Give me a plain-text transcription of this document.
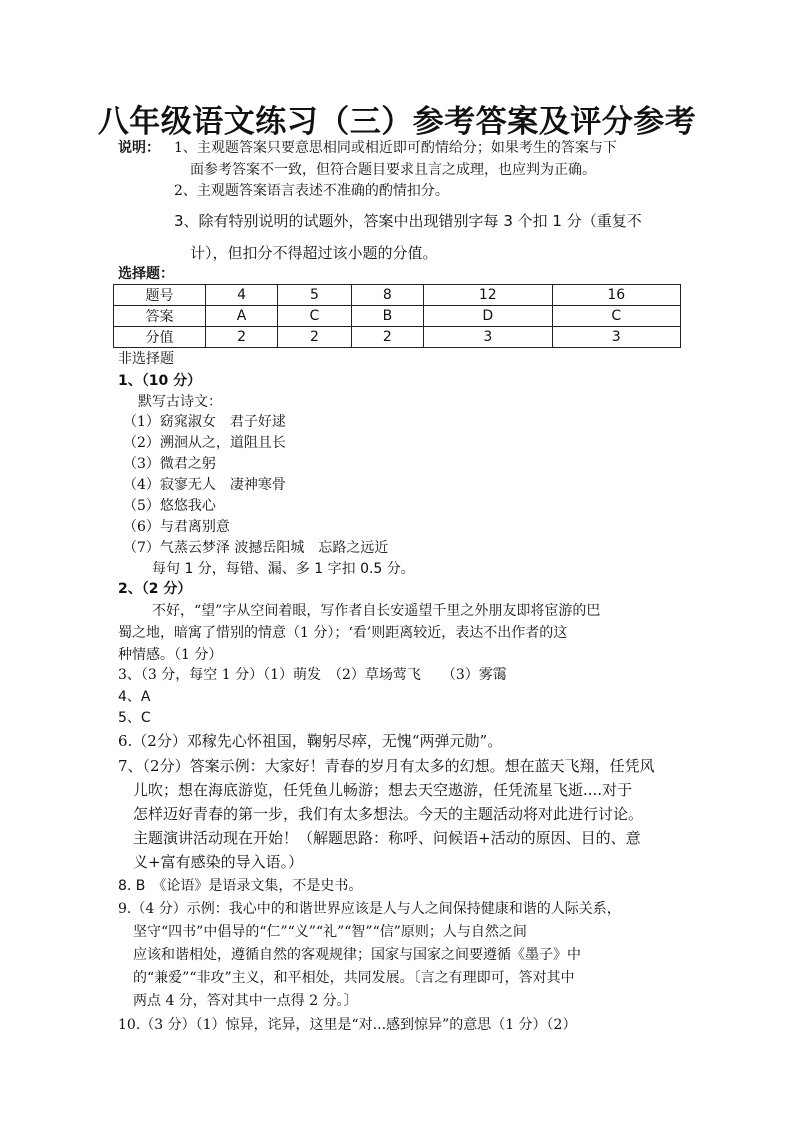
八年级语文练习（三）参考答案及评分参考
说明： 1、主观题答案只要意思相同或相近即可酌情给分；如果考生的答案与下
面参考答案不一致，但符合题目要求且言之成理，也应判为正确。
2、主观题答案语言表述不准确的酌情扣分。
3、除有特别说明的试题外，答案中出现错别字每 3 个扣 1 分（重复不
计），但扣分不得超过该小题的分值。
选择题：
题号	4	5	8	12	16
答案	A	C	B	D	C
分值	2	2	2	3	3
非选择题
1、（10 分）
默写古诗文：
（1）窈窕淑女　君子好逑
（2）溯洄从之，道阻且长
（3）微君之躬
（4）寂寥无人　凄神寒骨
（5）悠悠我心
（6）与君离别意
（7）气蒸云梦泽 波撼岳阳城　忘路之远近
每句 1 分，每错、漏、多 1 字扣 0.5 分。
2、（2 分）
不好，“望”字从空间着眼，写作者自长安遥望千里之外朋友即将宦游的巴
蜀之地，暗寓了惜别的情意（1 分）；‘看’则距离较近，表达不出作者的这
种情感。（1 分）
3、（3 分，每空 1 分）（1）萌发　（2）草场莺飞　　（3）雾霭
4、A
5、C
6.（2分）邓稼先心怀祖国，鞠躬尽瘁，无愧“两弹元勋”。
7、（2分）答案示例：大家好！青春的岁月有太多的幻想。想在蓝天飞翔，任凭风
儿吹；想在海底游览，任凭鱼儿畅游；想去天空遨游，任凭流星飞逝....对于
怎样迈好青春的第一步，我们有太多想法。今天的主题活动将对此进行讨论。
主题演讲活动现在开始！（解题思路：称呼、问候语+活动的原因、目的、意
义+富有感染的导入语。）
8. B　《论语》是语录文集，不是史书。
9.（4 分）示例：我心中的和谐世界应该是人与人之间保持健康和谐的人际关系，
坚守“四书”中倡导的“仁”“义”“礼”“智”“信”原则；人与自然之间
应该和谐相处，遵循自然的客观规律；国家与国家之间要遵循《墨子》中
的“兼爱”“非攻”主义，和平相处，共同发展。〔言之有理即可，答对其中
两点 4 分，答对其中一点得 2 分。〕
10.（3 分）（1）惊异，诧异，这里是“对...感到惊异”的意思（1 分）（2）
